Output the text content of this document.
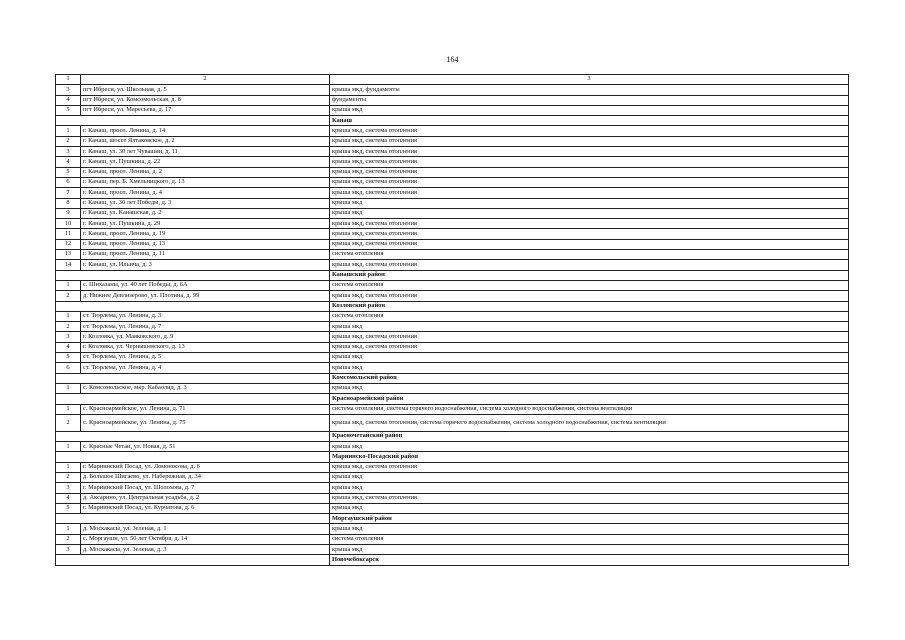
164
1	2	3
3	пгт Ибреси, ул. Школьная, д. 5	крыша мкд, фундаменты
4	пгт Ибреси, ул. Комсомольская, д. 8	фундаменты
5	пгт Ибреси, ул. Маресьева, д. 17	крыша мкд
		Канаш
1	г. Канаш, просп. Ленина, д. 14	крыша мкд, система отопления
2	г. Канаш, шоссе Ялтаковское, д. 2	крыша мкд, система отопления
3	г. Канаш, ул. 30 лет Чувашии, д. 11	крыша мкд, система отопления
4	г. Канаш, ул. Пушкина, д. 22	крыша мкд, система отопления
5	г. Канаш, просп. Ленина, д. 2	крыша мкд, система отопления
6	г. Канаш, пер. Б. Хмельницкого, д. 13	крыша мкд, система отопления
7	г. Канаш, просп. Ленина, д. 4	крыша мкд, система отопления
8	г. Канаш, ул. 30 лет Победы, д. 3	крыша мкд
9	г. Канаш, ул. Канашская, д. 2	крыша мкд
10	г. Канаш, ул. Пушкина, д. 29	крыша мкд, система отопления
11	г. Канаш, просп. Ленина, д. 19	крыша мкд, система отопления
12	г. Канаш, просп. Ленина, д. 13	крыша мкд, система отопления
13	г. Канаш, просп. Ленина, д. 11	система отопления
14	г. Канаш, ул. Ильича, д. 3	крыша мкд, система отопления
		Канашский район
1	с. Шихазаны, ул. 40 лет Победы, д. 6А	система отопления
2	д. Нижнее Девлизерово, ул. Плотина, д. 99	крыша мкд, система отопления
		Козловский район
1	ст. Тюрлема, ул. Ленина, д. 3	система отопления
2	ст. Тюрлема, ул. Ленина, д. 7	крыша мкд
3	г. Козловка, ул. Маяковского, д. 9	крыша мкд, система отопления
4	г. Козловка, ул. Чернышевского, д. 13	крыша мкд, система отопления
5	ст. Тюрлема, ул. Ленина, д. 5	крыша мкд
6	ст. Тюрлема, ул. Ленина, д. 4	крыша мкд
		Комсомольский район
1	с. Комсомольское, мкр. Кабаолид, д. 3	крыша мкд
		Красноармейский район
1	с. Красноармейское, ул. Ленина, д. 71	система отопления, система горячего водоснабжения, система холодного водоснабжения, система вентиляции
2	с. Красноармейское, ул. Ленина, д. 75	крыша мкд, система отопления, система горячего водоснабжения, система холодного водоснабжения, система вентиляции
		Красночетайский район
1	с. Красные Четаи, ул. Новая, д. 51	крыша мкд
		Мариинско-Посадский район
1	г. Мариинский Посад, ул. Ломоносова, д. 6	крыша мкд, система отопления
2	д. Большое Шигаево, ул. Набережная, д. 34	крыша мкд
3	г. Мариинский Посад, ул. Шолохова, д. 7	крыша мкд
4	д. Аксарино, ул. Центральная усадьба, д. 2	крыша мкд, система отопления
5	г. Мариинский Посад, ул. Курчатова, д. 6	крыша мкд
		Моргаушский район
1	д. Москакасы, ул. Зеленая, д. 1	крыша мкд
2	с. Моргауши, ул. 50 лет Октября, д. 14	система отопления
3	д. Москакасы, ул. Зеленая, д. 3	крыша мкд
		Новочебоксарск
